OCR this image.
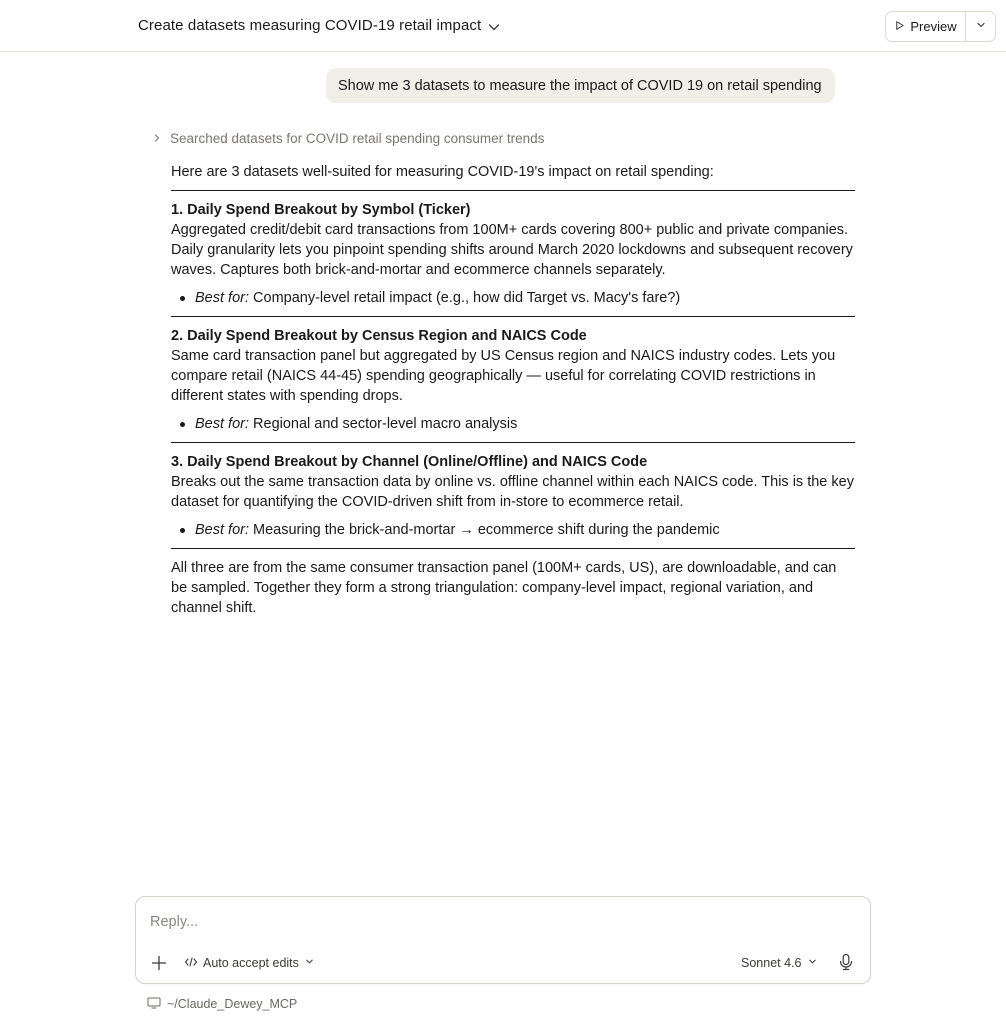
Create datasets measuring COVID-19 retail impact	Preview
Show me 3 datasets to measure the impact of COVID 19 on retail spending
Searched datasets for COVID retail spending consumer trends

Here are 3 datasets well-suited for measuring COVID-19's impact on retail spending:

1. Daily Spend Breakout by Symbol (Ticker)

Aggregated credit/debit card transactions from 100M+ cards covering 800+ public and private companies. Daily granularity lets you pinpoint spending shifts around March 2020 lockdowns and subsequent recovery waves. Captures both brick-and-mortar and ecommerce channels separately.

Best for: Company-level retail impact (e.g., how did Target vs. Macy's fare?)
2. Daily Spend Breakout by Census Region and NAICS Code

Same card transaction panel but aggregated by US Census region and NAICS industry codes. Lets you compare retail (NAICS 44-45) spending geographically — useful for correlating COVID restrictions in different states with spending drops.

Best for: Regional and sector-level macro analysis
3. Daily Spend Breakout by Channel (Online/Offline) and NAICS Code

Breaks out the same transaction data by online vs. offline channel within each NAICS code. This is the key dataset for quantifying the COVID-driven shift from in-store to ecommerce retail.

Best for: Measuring the brick-and-mortar → ecommerce shift during the pandemic

All three are from the same consumer transaction panel (100M+ cards, US), are downloadable, and can be sampled. Together they form a strong triangulation: company-level impact, regional variation, and channel shift.

Reply...
Auto accept edits	Sonnet 4.6
~/Claude_Dewey_MCP
